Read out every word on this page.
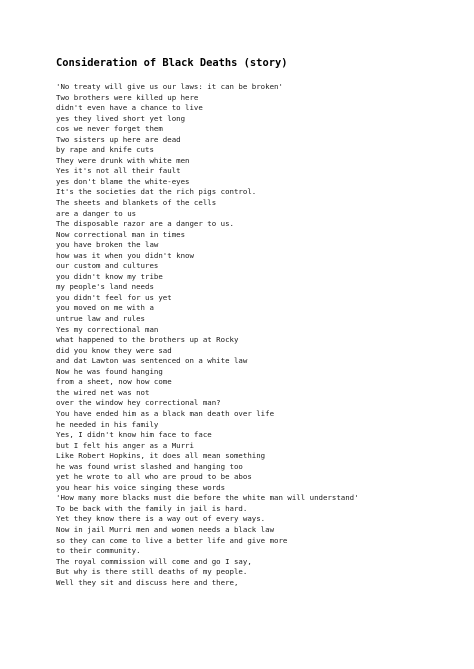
Consideration of Black Deaths (story)
'No treaty will give us our laws: it can be broken'
Two brothers were killed up here
didn't even have a chance to live
yes they lived short yet long
cos we never forget them
Two sisters up here are dead
by rape and knife cuts
They were drunk with white men
Yes it's not all their fault
yes don't blame the white-eyes
It's the societies dat the rich pigs control.
The sheets and blankets of the cells
are a danger to us
The disposable razor are a danger to us.
Now correctional man in times
you have broken the law
how was it when you didn't know
our custom and cultures
you didn't know my tribe
my people's land needs
you didn't feel for us yet
you moved on me with a
untrue law and rules
Yes my correctional man
what happened to the brothers up at Rocky
did you know they were sad
and dat Lawton was sentenced on a white law
Now he was found hanging
from a sheet, now how come
the wired net was not
over the window hey correctional man?
You have ended him as a black man death over life
he needed in his family
Yes, I didn't know him face to face
but I felt his anger as a Murri
Like Robert Hopkins, it does all mean something
he was found wrist slashed and hanging too
yet he wrote to all who are proud to be abos
you hear his voice singing these words
'How many more blacks must die before the white man will understand'
To be back with the family in jail is hard.
Yet they know there is a way out of every ways.
Now in jail Murri men and women needs a black law
so they can come to live a better life and give more
to their community.
The royal commission will come and go I say,
But why is there still deaths of my people.
Well they sit and discuss here and there,
